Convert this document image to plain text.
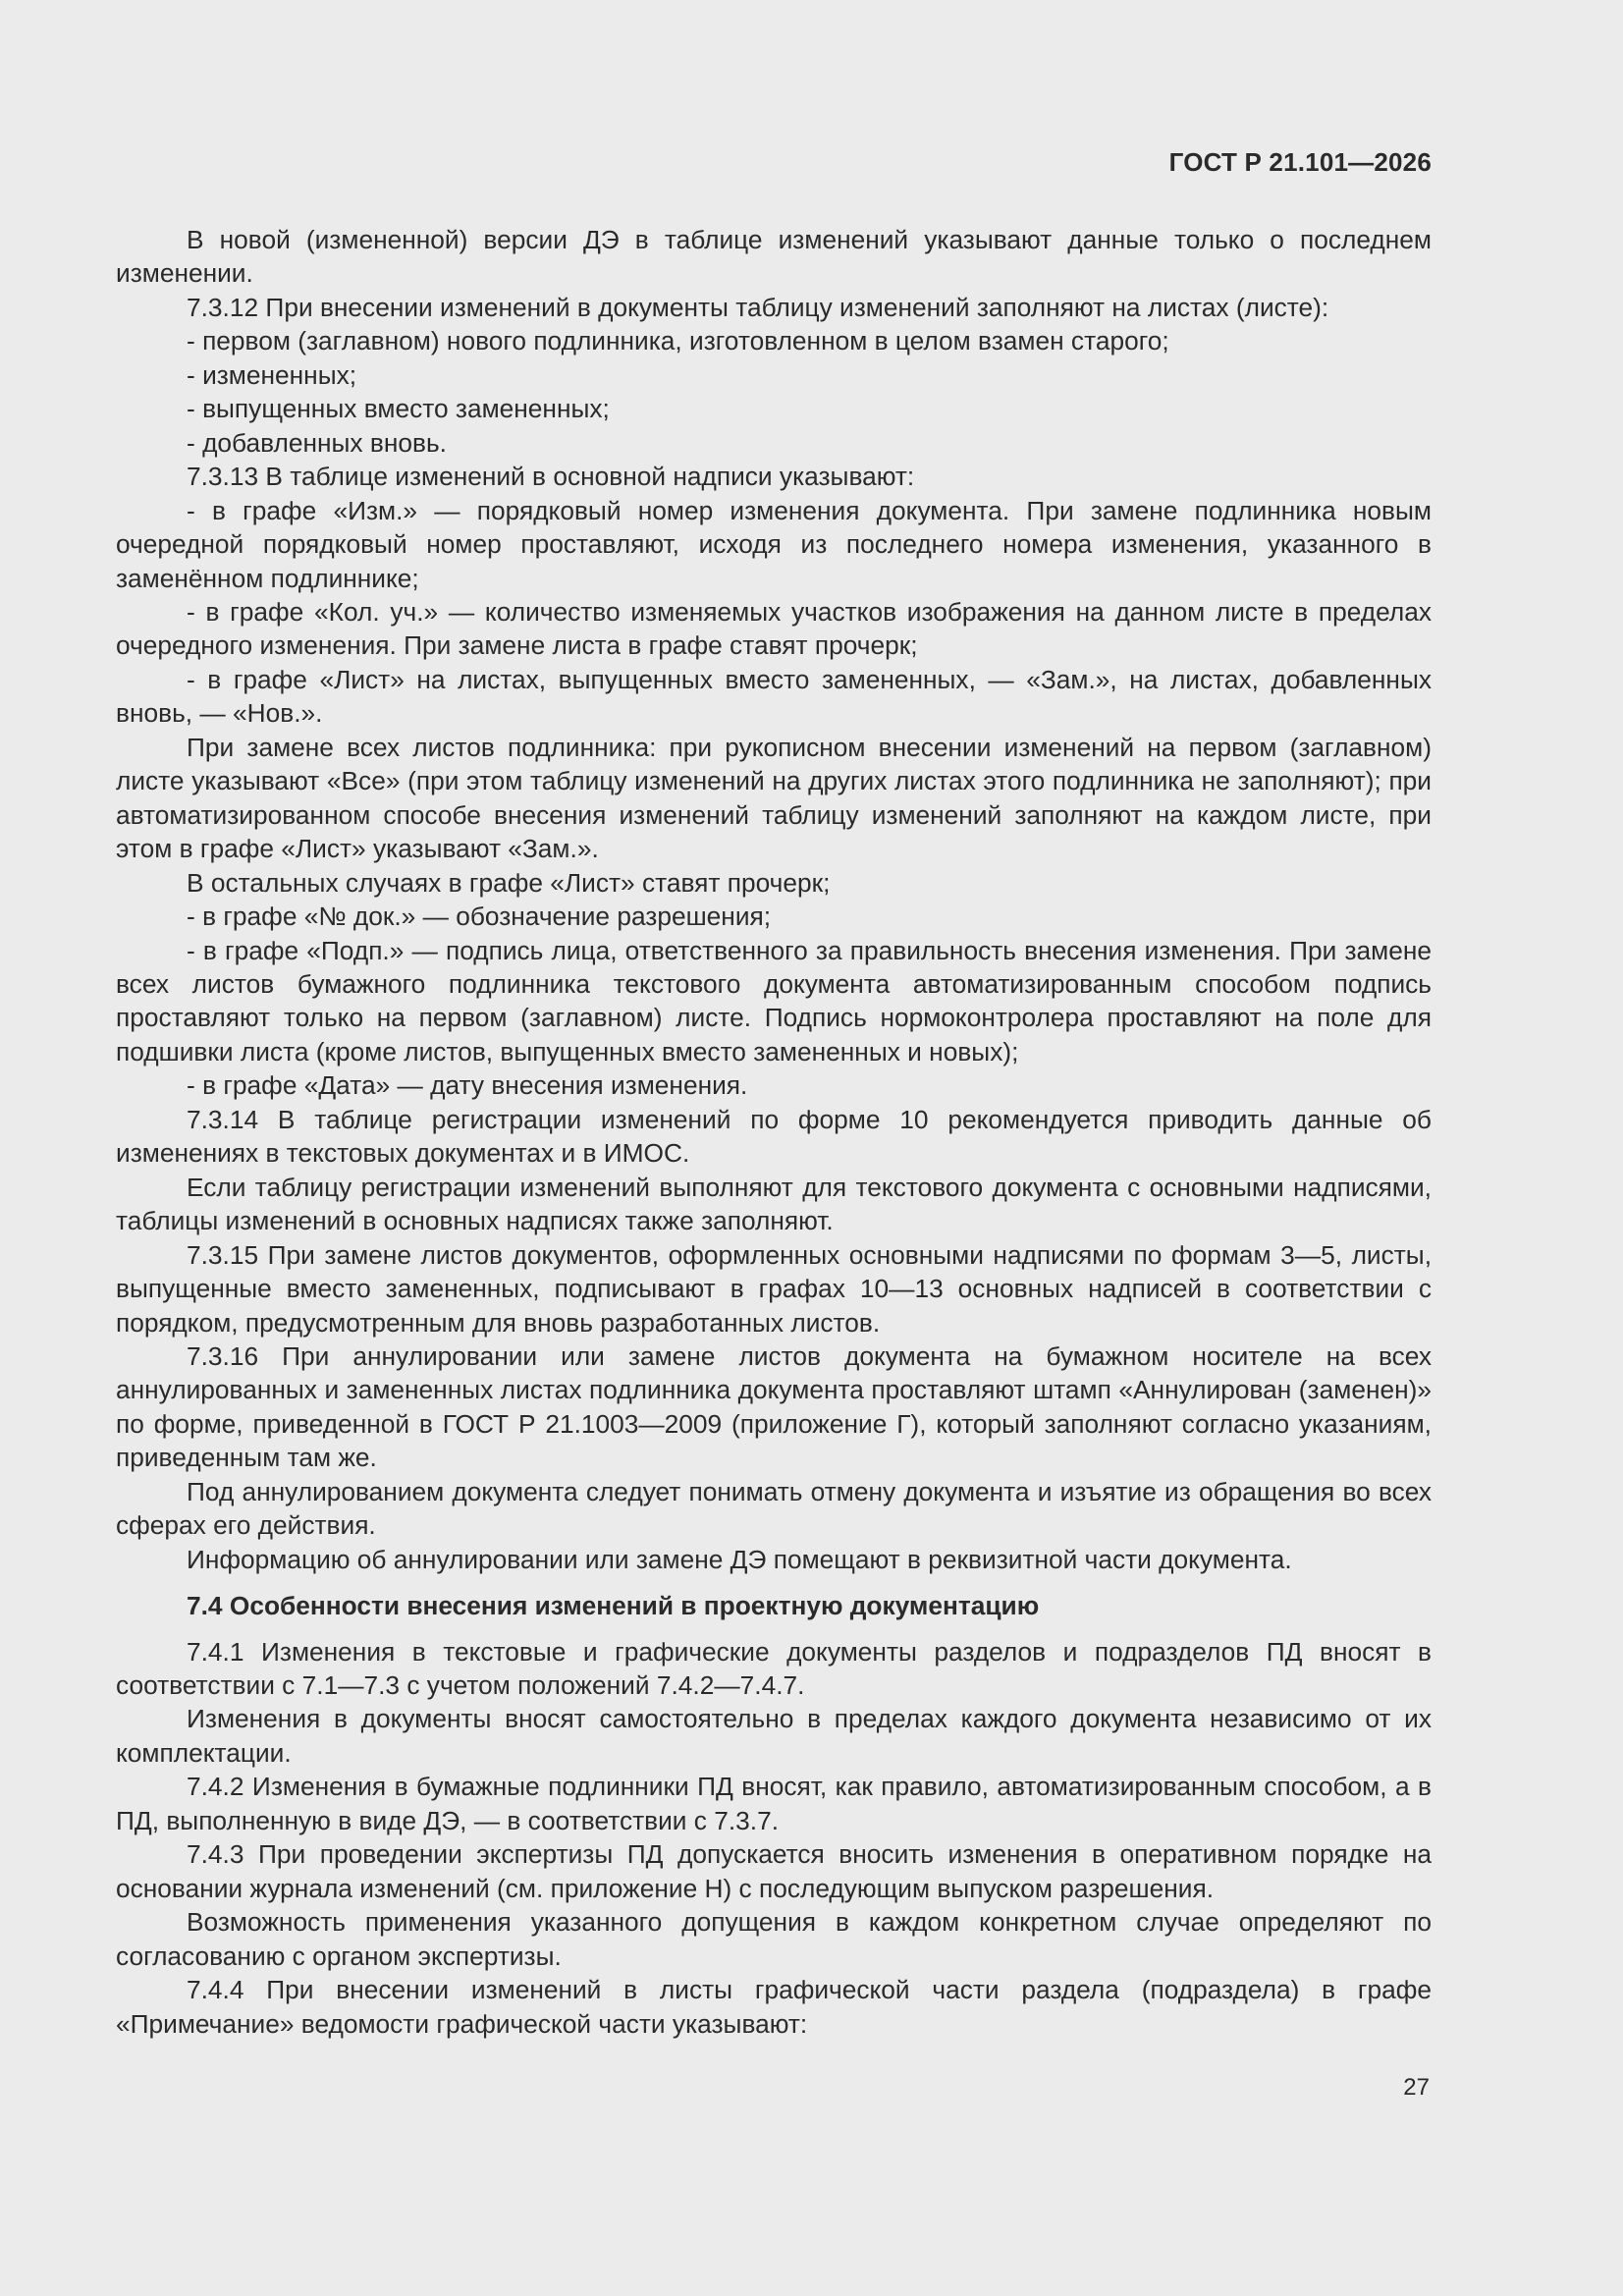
ГОСТ Р 21.101—2026

В новой (измененной) версии ДЭ в таблице изменений указывают данные только о последнем изменении.

7.3.12 При внесении изменений в документы таблицу изменений заполняют на листах (листе):

- первом (заглавном) нового подлинника, изготовленном в целом взамен старого;

- измененных;

- выпущенных вместо замененных;

- добавленных вновь.

7.3.13 В таблице изменений в основной надписи указывают:

- в графе «Изм.» — порядковый номер изменения документа. При замене подлинника новым очередной порядковый номер проставляют, исходя из последнего номера изменения, указанного в заменённом подлиннике;

- в графе «Кол. уч.» — количество изменяемых участков изображения на данном листе в пределах очередного изменения. При замене листа в графе ставят прочерк;

- в графе «Лист» на листах, выпущенных вместо замененных, — «Зам.», на листах, добавленных вновь, — «Нов.».

При замене всех листов подлинника: при рукописном внесении изменений на первом (заглавном) листе указывают «Все» (при этом таблицу изменений на других листах этого подлинника не заполняют); при автоматизированном способе внесения изменений таблицу изменений заполняют на каждом листе, при этом в графе «Лист» указывают «Зам.».

В остальных случаях в графе «Лист» ставят прочерк;

- в графе «№ док.» — обозначение разрешения;

- в графе «Подп.» — подпись лица, ответственного за правильность внесения изменения. При замене всех листов бумажного подлинника текстового документа автоматизированным способом подпись проставляют только на первом (заглавном) листе. Подпись нормоконтролера проставляют на поле для подшивки листа (кроме листов, выпущенных вместо замененных и новых);

- в графе «Дата» — дату внесения изменения.

7.3.14 В таблице регистрации изменений по форме 10 рекомендуется приводить данные об изменениях в текстовых документах и в ИМОС.

Если таблицу регистрации изменений выполняют для текстового документа с основными надписями, таблицы изменений в основных надписях также заполняют.

7.3.15 При замене листов документов, оформленных основными надписями по формам 3—5, листы, выпущенные вместо замененных, подписывают в графах 10—13 основных надписей в соответствии с порядком, предусмотренным для вновь разработанных листов.

7.3.16 При аннулировании или замене листов документа на бумажном носителе на всех аннулированных и замененных листах подлинника документа проставляют штамп «Аннулирован (заменен)» по форме, приведенной в ГОСТ Р 21.1003—2009 (приложение Г), который заполняют согласно указаниям, приведенным там же.

Под аннулированием документа следует понимать отмену документа и изъятие из обращения во всех сферах его действия.

Информацию об аннулировании или замене ДЭ помещают в реквизитной части документа.

7.4 Особенности внесения изменений в проектную документацию

7.4.1 Изменения в текстовые и графические документы разделов и подразделов ПД вносят в соответствии с 7.1—7.3 с учетом положений 7.4.2—7.4.7.

Изменения в документы вносят самостоятельно в пределах каждого документа независимо от их комплектации.

7.4.2 Изменения в бумажные подлинники ПД вносят, как правило, автоматизированным способом, а в ПД, выполненную в виде ДЭ, — в соответствии с 7.3.7.

7.4.3 При проведении экспертизы ПД допускается вносить изменения в оперативном порядке на основании журнала изменений (см. приложение Н) с последующим выпуском разрешения.

Возможность применения указанного допущения в каждом конкретном случае определяют по согласованию с органом экспертизы.

7.4.4 При внесении изменений в листы графической части раздела (подраздела) в графе «Примечание» ведомости графической части указывают:

27
